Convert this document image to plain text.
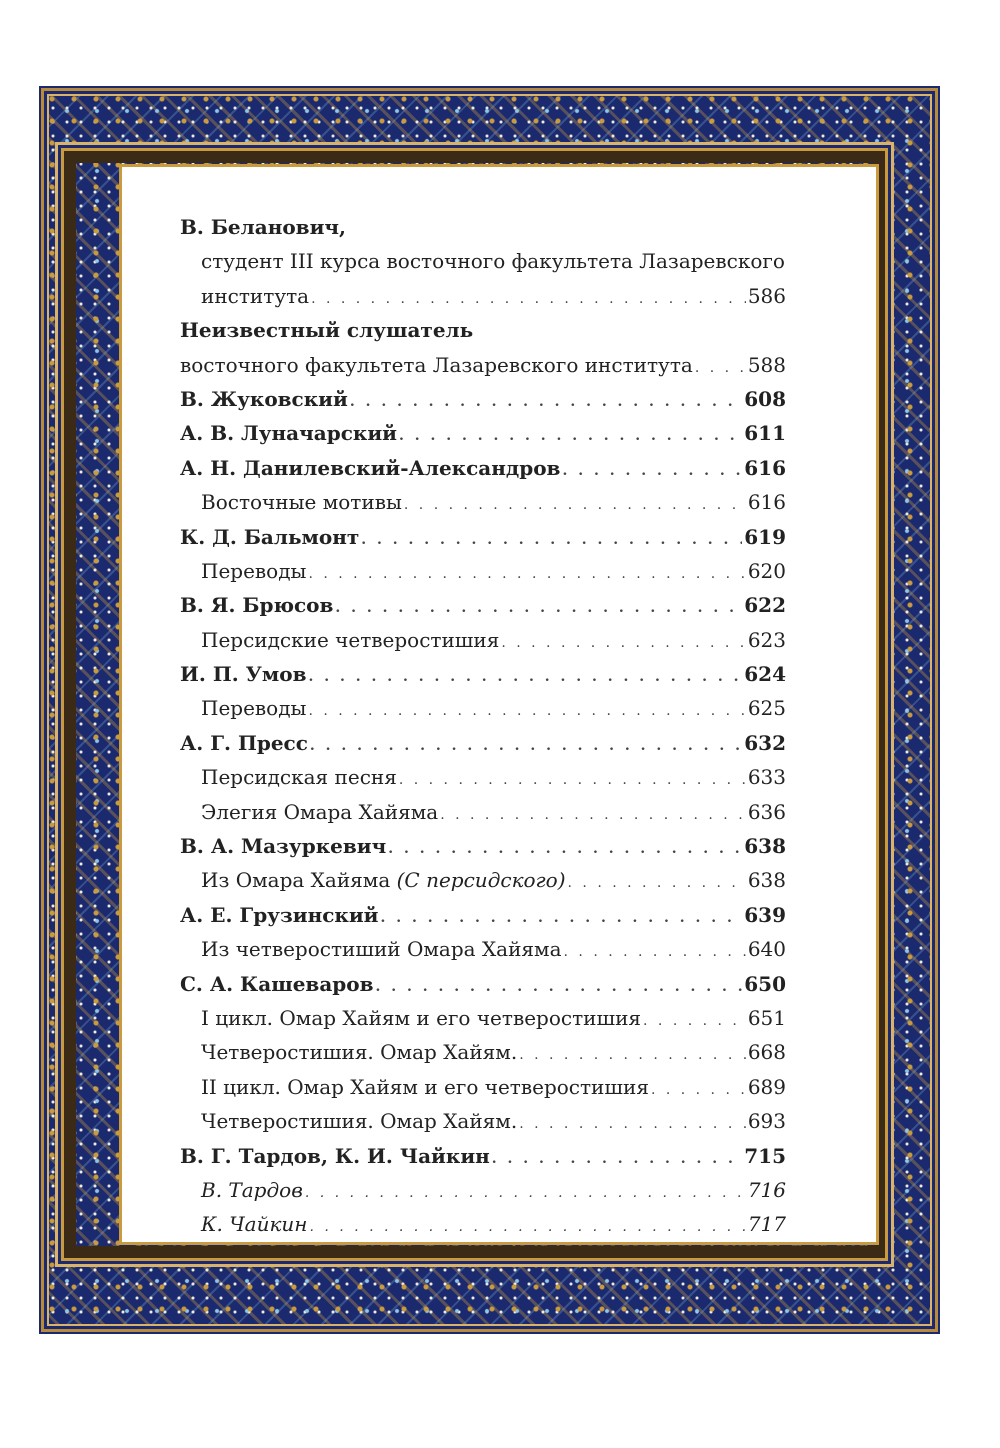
В. Беланович,
студент III курса восточного факультета Лазаревского
института . . .	586
Неизвестный слушатель
восточного факультета Лазаревского института . . .	588
В. Жуковский . . .	608
А. В. Луначарский . . .	611
А. Н. Данилевский-Александров . . .	616
Восточные мотивы . . .	616
К. Д. Бальмонт . . .	619
Переводы . . .	620
В. Я. Брюсов . . .	622
Персидские четверостишия . . .	623
И. П. Умов . . .	624
Переводы . . .	625
А. Г. Пресс . . .	632
Персидская песня . . .	633
Элегия Омара Хайяма . . .	636
В. А. Мазуркевич . . .	638
Из Омара Хайяма (С персидского) . . .	638
А. Е. Грузинский . . .	639
Из четверостиший Омара Хайяма . . .	640
С. А. Кашеваров . . .	650
I цикл. Омар Хайям и его четверостишия . . .	651
Четверостишия. Омар Хайям. . . .	668
II цикл. Омар Хайям и его четверостишия . . .	689
Четверостишия. Омар Хайям. . . .	693
В. Г. Тардов, К. И. Чайкин . . .	715
В. Тардов . . .	716
К. Чайкин . . .	717
